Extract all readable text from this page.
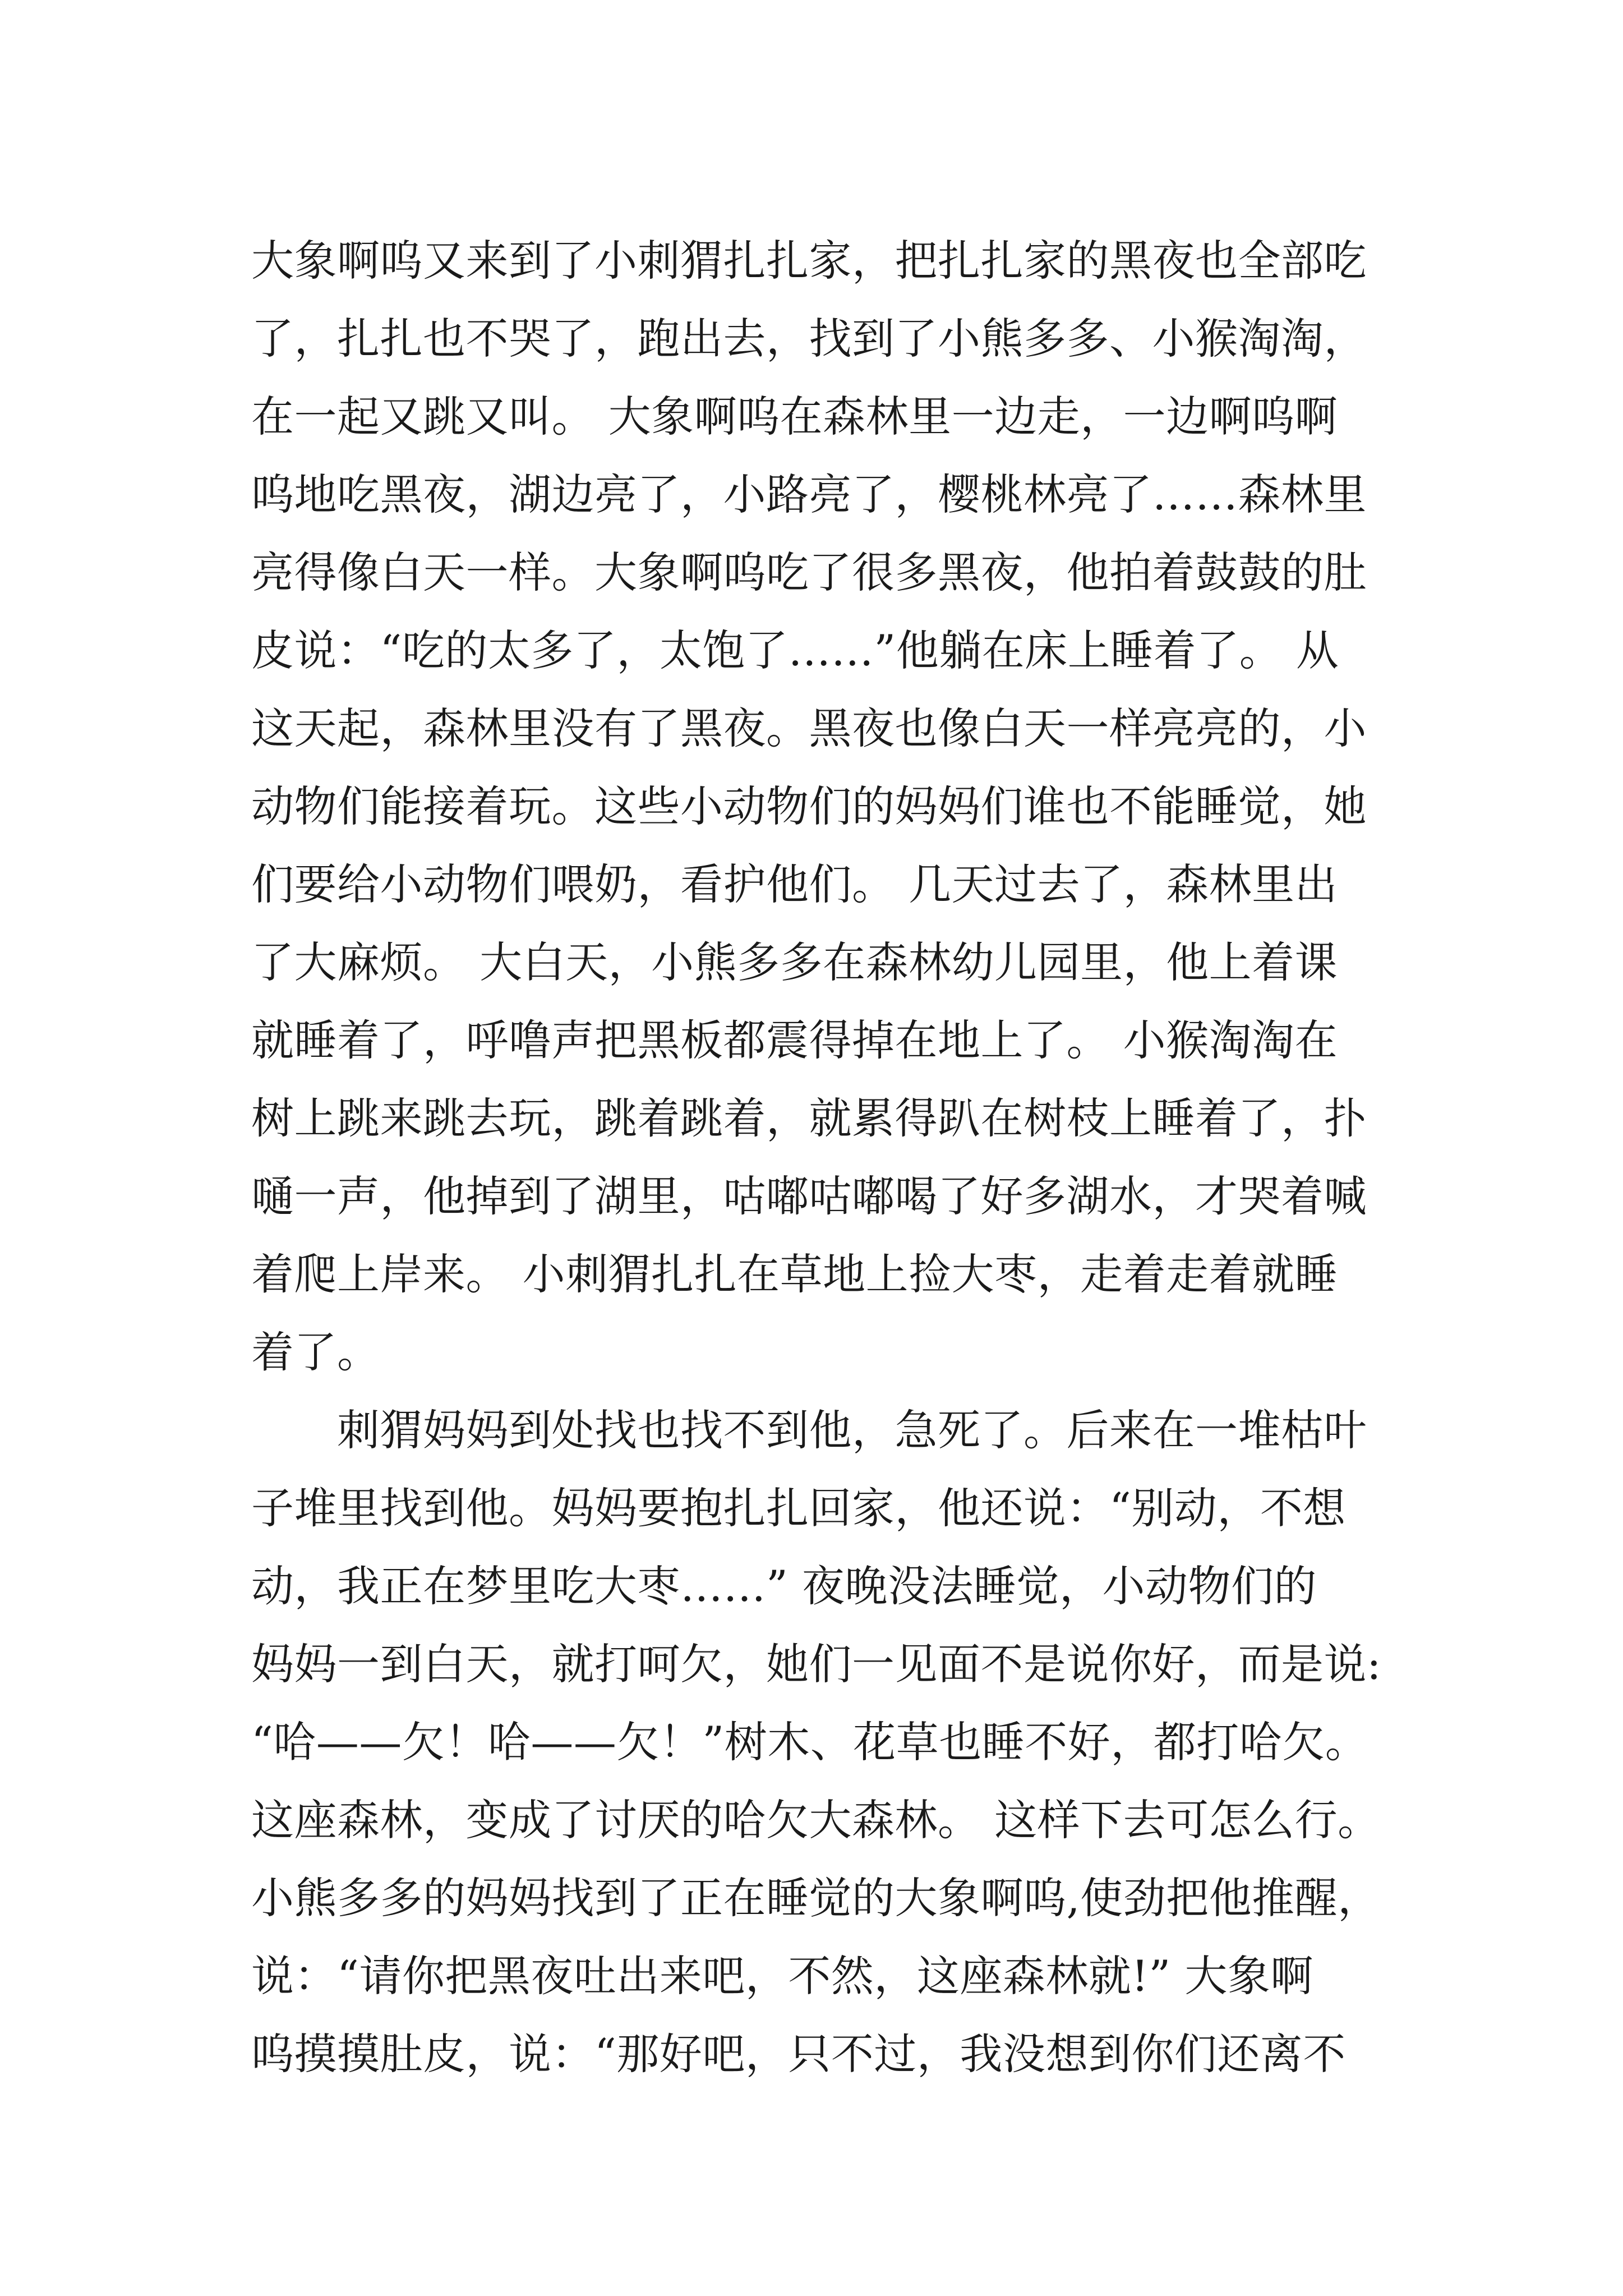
大象啊呜又来到了小刺猬扎扎家，把扎扎家的黑夜也全部吃
了，扎扎也不哭了，跑出去，找到了小熊多多、小猴淘淘，
在一起又跳又叫。 大象啊呜在森林里一边走，一边啊呜啊
呜地吃黑夜，湖边亮了，小路亮了，樱桃林亮了……森林里
亮得像白天一样。大象啊呜吃了很多黑夜，他拍着鼓鼓的肚
皮说：“吃的太多了，太饱了……”他躺在床上睡着了。 从
这天起，森林里没有了黑夜。黑夜也像白天一样亮亮的，小
动物们能接着玩。这些小动物们的妈妈们谁也不能睡觉，她
们要给小动物们喂奶，看护他们。 几天过去了，森林里出
了大麻烦。 大白天，小熊多多在森林幼儿园里，他上着课
就睡着了，呼噜声把黑板都震得掉在地上了。 小猴淘淘在
树上跳来跳去玩，跳着跳着，就累得趴在树枝上睡着了，扑
嗵一声，他掉到了湖里，咕嘟咕嘟喝了好多湖水，才哭着喊
着爬上岸来。 小刺猬扎扎在草地上捡大枣，走着走着就睡
着了。
　　刺猬妈妈到处找也找不到他，急死了。后来在一堆枯叶
子堆里找到他。妈妈要抱扎扎回家，他还说：“别动，不想
动，我正在梦里吃大枣……” 夜晚没法睡觉，小动物们的
妈妈一到白天，就打呵欠，她们一见面不是说你好，而是说:
“哈——欠！哈——欠！”树木、花草也睡不好，都打哈欠。
这座森林，变成了讨厌的哈欠大森林。 这样下去可怎么行。
小熊多多的妈妈找到了正在睡觉的大象啊呜,使劲把他推醒，
说：“请你把黑夜吐出来吧，不然，这座森林就!” 大象啊
呜摸摸肚皮，说：“那好吧，只不过，我没想到你们还离不
